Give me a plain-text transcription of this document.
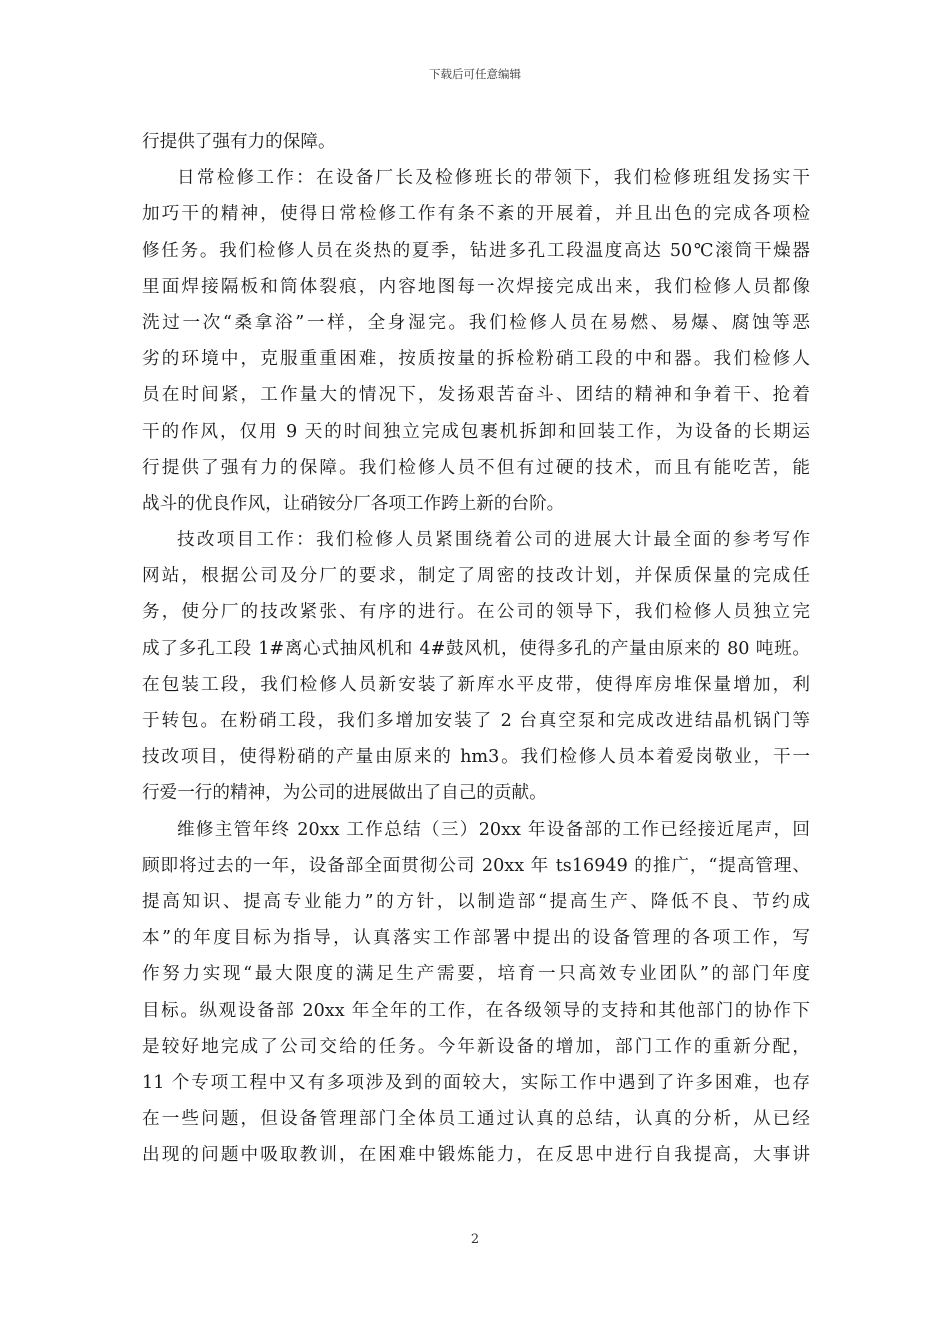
下载后可任意编辑
行提供了强有力的保障。
日常检修工作：在设备厂长及检修班长的带领下，我们检修班组发扬实干
加巧干的精神，使得日常检修工作有条不紊的开展着，并且出色的完成各项检
修任务。我们检修人员在炎热的夏季，钻进多孔工段温度高达 50℃滚筒干燥器
里面焊接隔板和筒体裂痕，内容地图每一次焊接完成出来，我们检修人员都像
洗过一次“桑拿浴”一样，全身湿完。我们检修人员在易燃、易爆、腐蚀等恶
劣的环境中，克服重重困难，按质按量的拆检粉硝工段的中和器。我们检修人
员在时间紧，工作量大的情况下，发扬艰苦奋斗、团结的精神和争着干、抢着
干的作风，仅用 9 天的时间独立完成包裹机拆卸和回装工作，为设备的长期运
行提供了强有力的保障。我们检修人员不但有过硬的技术，而且有能吃苦，能
战斗的优良作风，让硝铵分厂各项工作跨上新的台阶。
技改项目工作：我们检修人员紧围绕着公司的进展大计最全面的参考写作
网站，根据公司及分厂的要求，制定了周密的技改计划，并保质保量的完成任
务，使分厂的技改紧张、有序的进行。在公司的领导下，我们检修人员独立完
成了多孔工段 1#离心式抽风机和 4#鼓风机，使得多孔的产量由原来的 80 吨班。
在包装工段，我们检修人员新安装了新库水平皮带，使得库房堆保量增加，利
于转包。在粉硝工段，我们多增加安装了 2 台真空泵和完成改进结晶机锅门等
技改项目，使得粉硝的产量由原来的 hm3。我们检修人员本着爱岗敬业，干一
行爱一行的精神，为公司的进展做出了自己的贡献。
维修主管年终 20xx 工作总结（三）20xx 年设备部的工作已经接近尾声，回
顾即将过去的一年，设备部全面贯彻公司 20xx 年 ts16949 的推广，“提高管理、
提高知识、提高专业能力”的方针，以制造部“提高生产、降低不良、节约成
本”的年度目标为指导，认真落实工作部署中提出的设备管理的各项工作，写
作努力实现“最大限度的满足生产需要，培育一只高效专业团队”的部门年度
目标。纵观设备部 20xx 年全年的工作，在各级领导的支持和其他部门的协作下
是较好地完成了公司交给的任务。今年新设备的增加，部门工作的重新分配，
11 个专项工程中又有多项涉及到的面较大，实际工作中遇到了许多困难，也存
在一些问题，但设备管理部门全体员工通过认真的总结，认真的分析，从已经
出现的问题中吸取教训，在困难中锻炼能力，在反思中进行自我提高，大事讲
2
